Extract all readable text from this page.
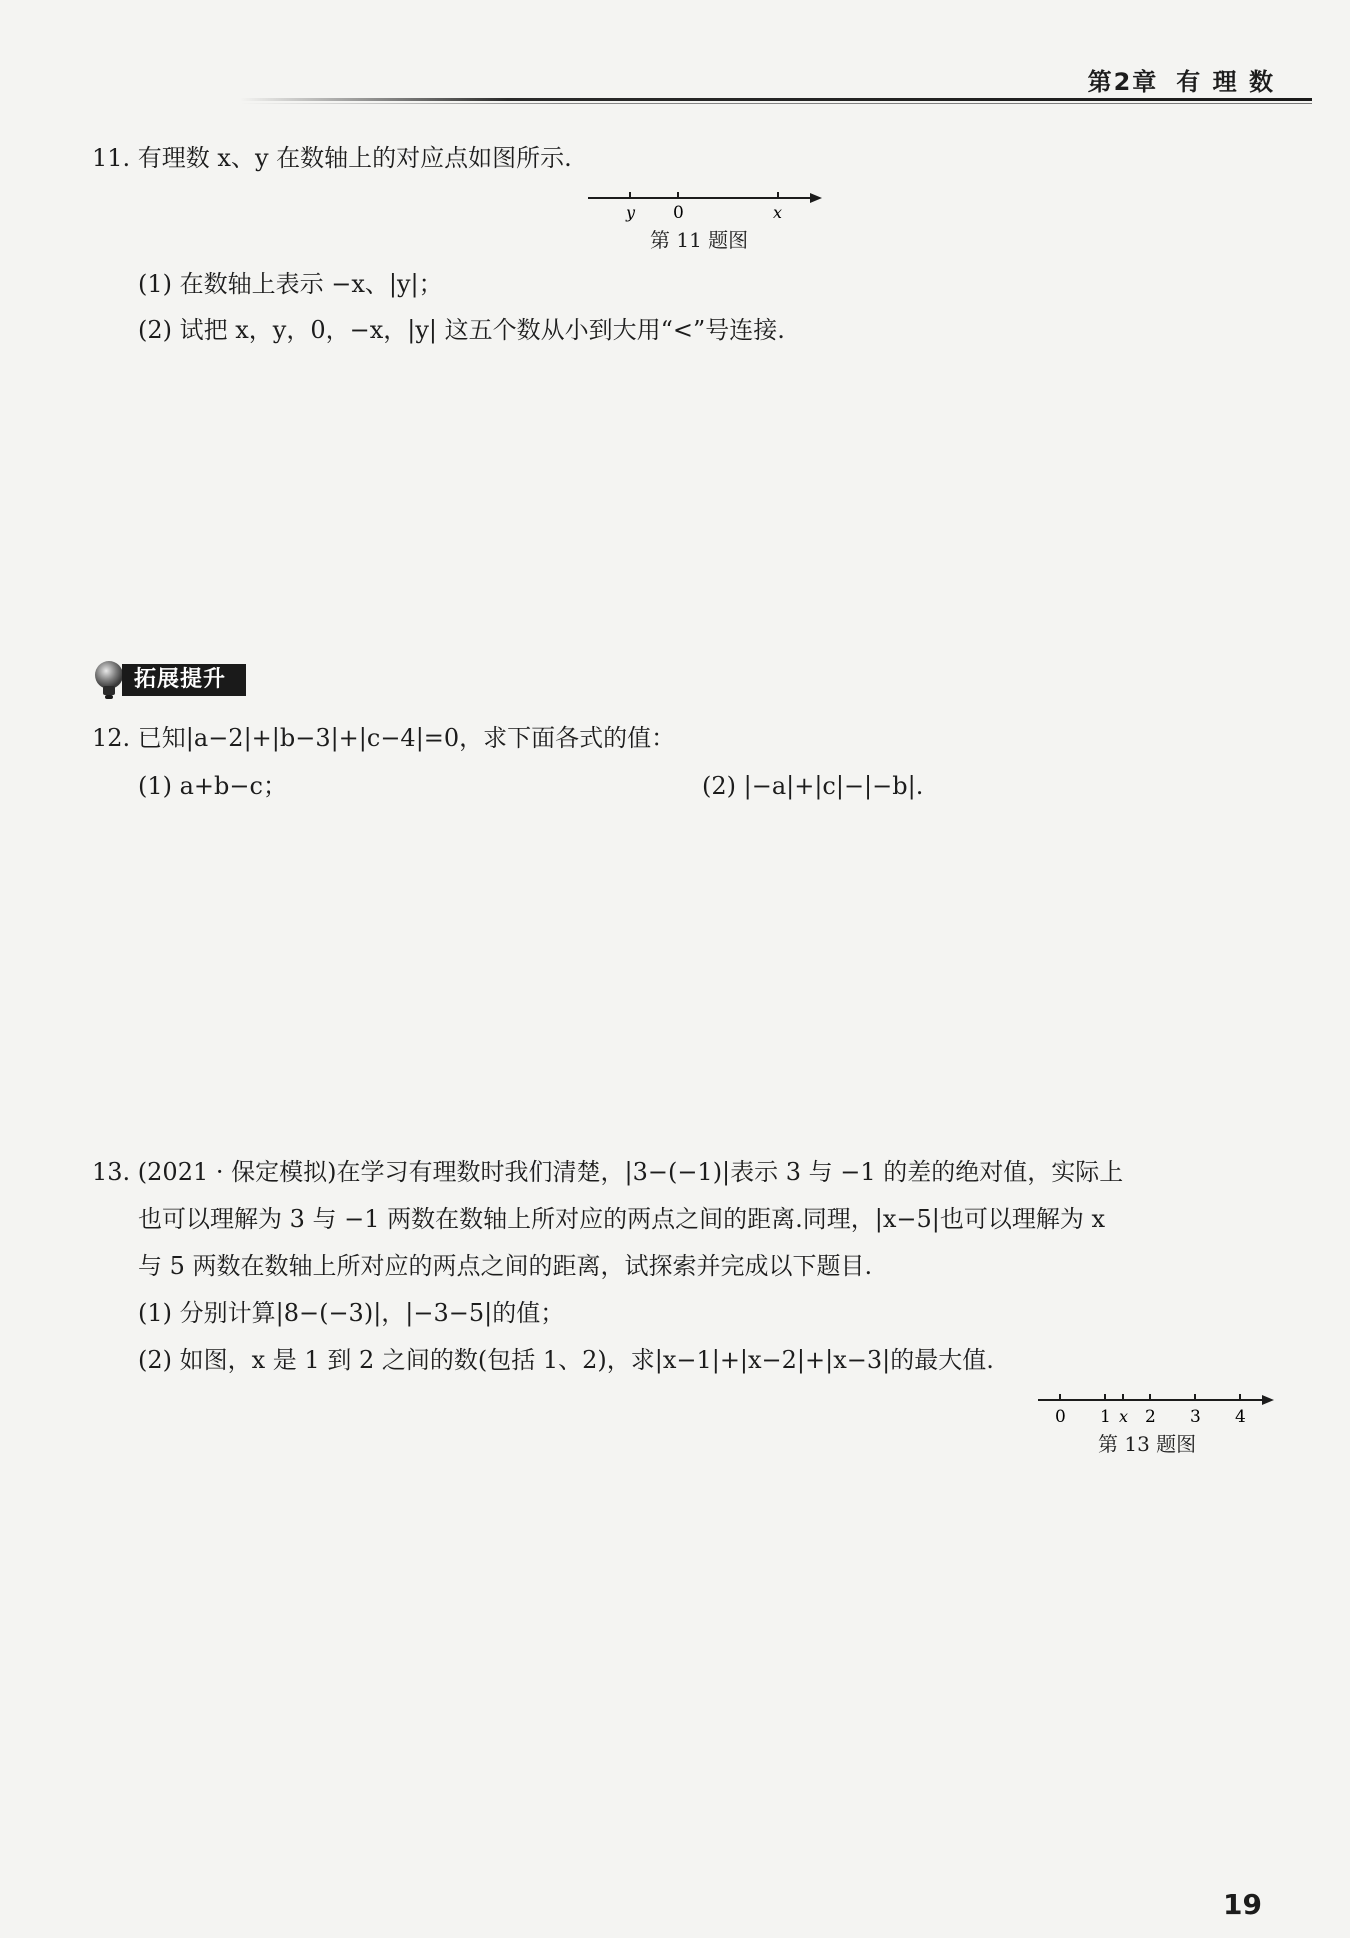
第2章 有 理 数
11. 有理数 x、y 在数轴上的对应点如图所示.
y 0	x
第 11 题图
(1) 在数轴上表示 −x、|y|；
(2) 试把 x，y，0，−x，|y| 这五个数从小到大用“<”号连接.
拓展提升
12. 已知|a−2|+|b−3|+|c−4|=0，求下面各式的值：
(1) a+b−c；	(2) |−a|+|c|−|−b|.
13. (2021 · 保定模拟)在学习有理数时我们清楚，|3−(−1)|表示 3 与 −1 的差的绝对值，实际上
也可以理解为 3 与 −1 两数在数轴上所对应的两点之间的距离.同理，|x−5|也可以理解为 x
与 5 两数在数轴上所对应的两点之间的距离，试探索并完成以下题目.
(1) 分别计算|8−(−3)|，|−3−5|的值；
(2) 如图，x 是 1 到 2 之间的数(包括 1、2)，求|x−1|+|x−2|+|x−3|的最大值.
0 1 x 2 3 4
第 13 题图
19
